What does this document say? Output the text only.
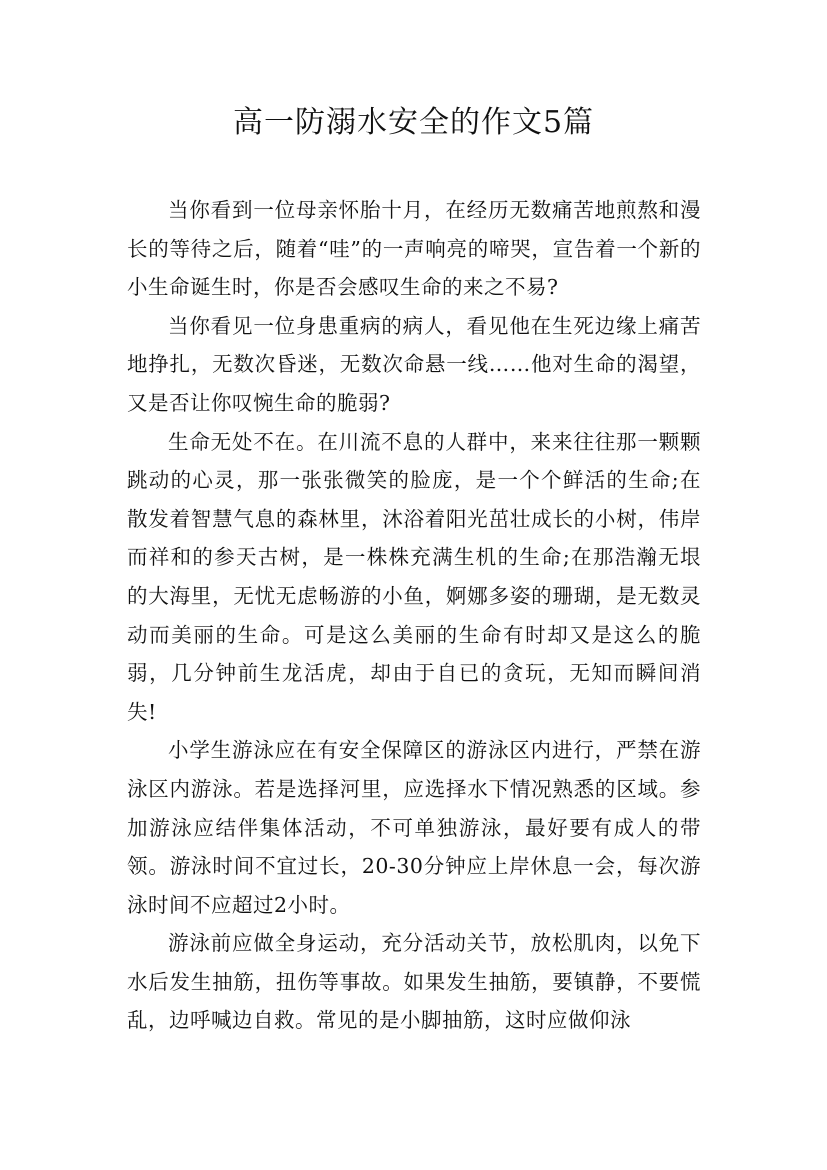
高一防溺水安全的作文5篇

当你看到一位母亲怀胎十月，在经历无数痛苦地煎熬和漫长的等待之后，随着“哇”的一声响亮的啼哭，宣告着一个新的小生命诞生时，你是否会感叹生命的来之不易?

当你看见一位身患重病的病人，看见他在生死边缘上痛苦地挣扎，无数次昏迷，无数次命悬一线……他对生命的渴望，又是否让你叹惋生命的脆弱?

生命无处不在。在川流不息的人群中，来来往往那一颗颗跳动的心灵，那一张张微笑的脸庞，是一个个鲜活的生命;在散发着智慧气息的森林里，沐浴着阳光茁壮成长的小树，伟岸而祥和的参天古树，是一株株充满生机的生命;在那浩瀚无垠的大海里，无忧无虑畅游的小鱼，婀娜多姿的珊瑚，是无数灵动而美丽的生命。可是这么美丽的生命有时却又是这么的脆弱，几分钟前生龙活虎，却由于自已的贪玩，无知而瞬间消失!

小学生游泳应在有安全保障区的游泳区内进行，严禁在游泳区内游泳。若是选择河里，应选择水下情况熟悉的区域。参加游泳应结伴集体活动，不可单独游泳，最好要有成人的带领。游泳时间不宜过长，20-30分钟应上岸休息一会，每次游泳时间不应超过2小时。

游泳前应做全身运动，充分活动关节，放松肌肉，以免下水后发生抽筋，扭伤等事故。如果发生抽筋，要镇静，不要慌乱，边呼喊边自救。常见的是小脚抽筋，这时应做仰泳
